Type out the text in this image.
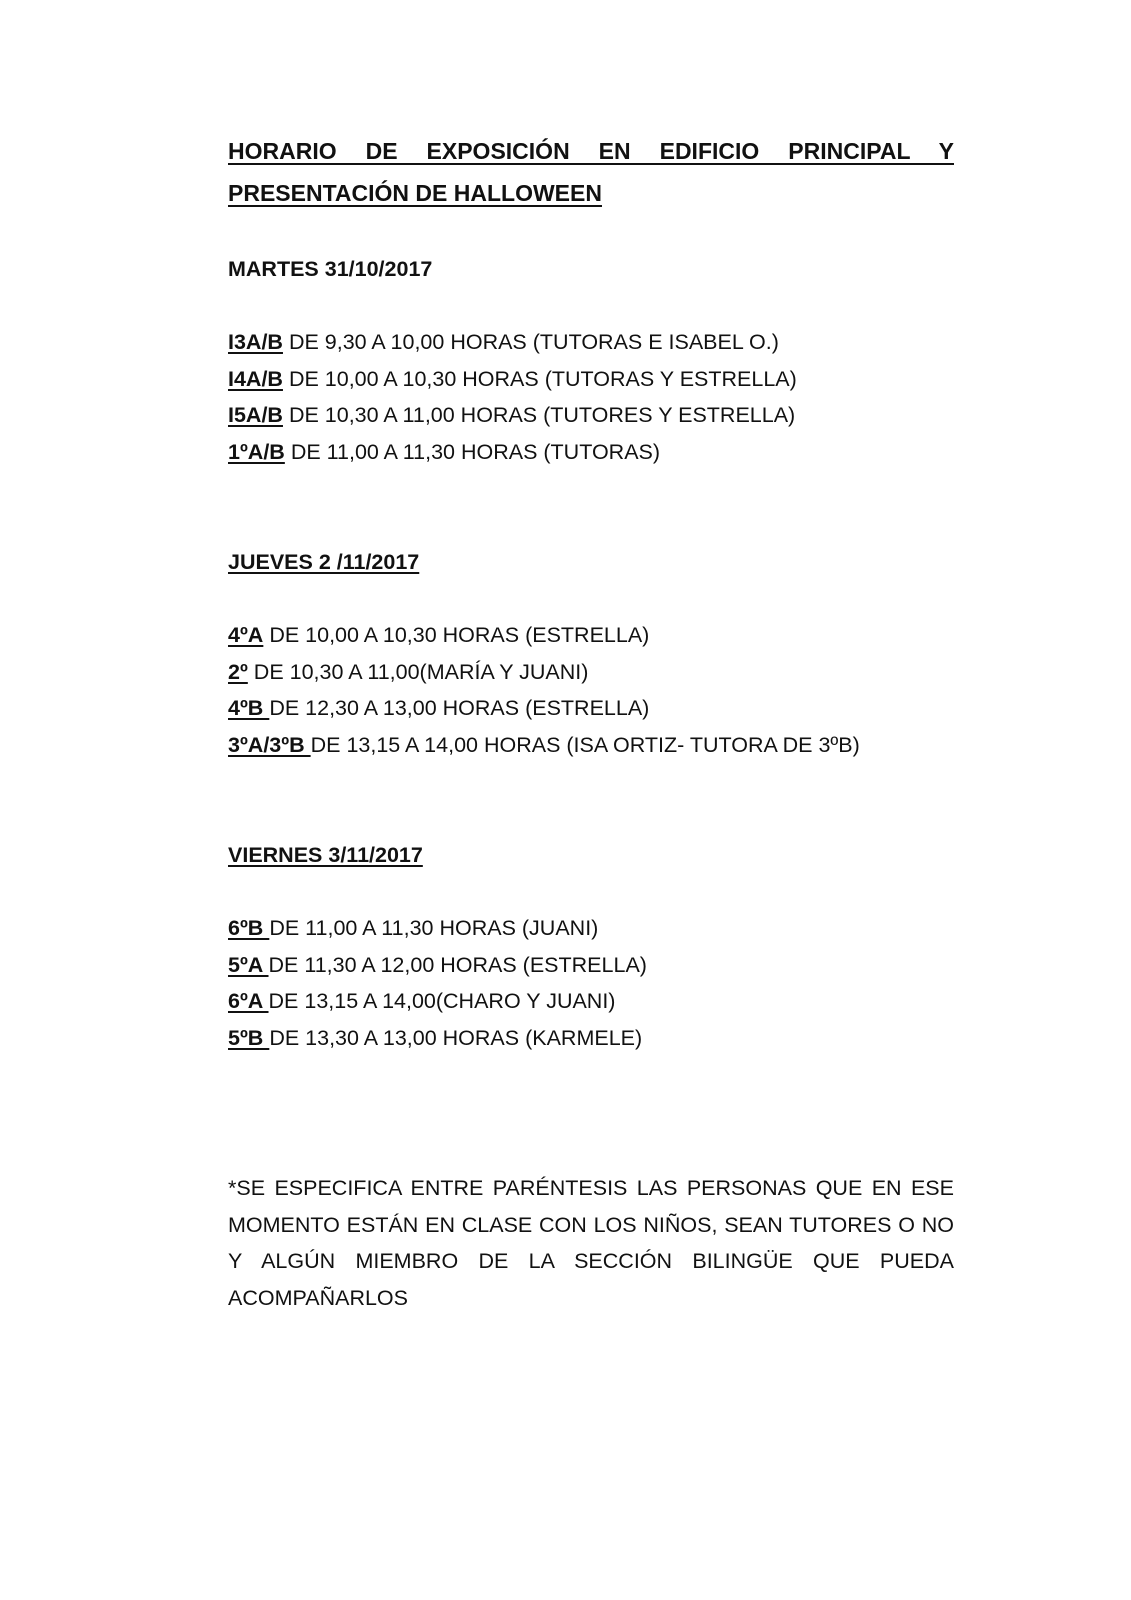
HORARIO DE EXPOSICIÓN EN EDIFICIO PRINCIPAL Y
PRESENTACIÓN DE HALLOWEEN
MARTES 31/10/2017
I3A/B DE 9,30 A 10,00 HORAS (TUTORAS E ISABEL O.)
I4A/B DE 10,00 A 10,30 HORAS (TUTORAS Y ESTRELLA)
I5A/B DE 10,30 A 11,00 HORAS (TUTORES Y ESTRELLA)
1ºA/B DE 11,00 A 11,30 HORAS (TUTORAS)
JUEVES 2 /11/2017
4ºA DE 10,00 A 10,30 HORAS (ESTRELLA)
2º DE 10,30 A 11,00(MARÍA Y JUANI)
4ºB DE 12,30 A 13,00 HORAS (ESTRELLA)
3ºA/3ºB DE 13,15 A 14,00 HORAS (ISA ORTIZ- TUTORA DE 3ºB)
VIERNES 3/11/2017
6ºB DE 11,00 A 11,30 HORAS (JUANI)
5ºA DE 11,30 A 12,00 HORAS (ESTRELLA)
6ºA DE 13,15 A 14,00(CHARO Y JUANI)
5ºB DE 13,30 A 13,00 HORAS (KARMELE)
*SE ESPECIFICA ENTRE PARÉNTESIS LAS PERSONAS QUE EN ESE MOMENTO ESTÁN EN CLASE CON LOS NIÑOS, SEAN TUTORES O NO Y ALGÚN MIEMBRO DE LA SECCIÓN BILINGÜE QUE PUEDA ACOMPAÑARLOS
